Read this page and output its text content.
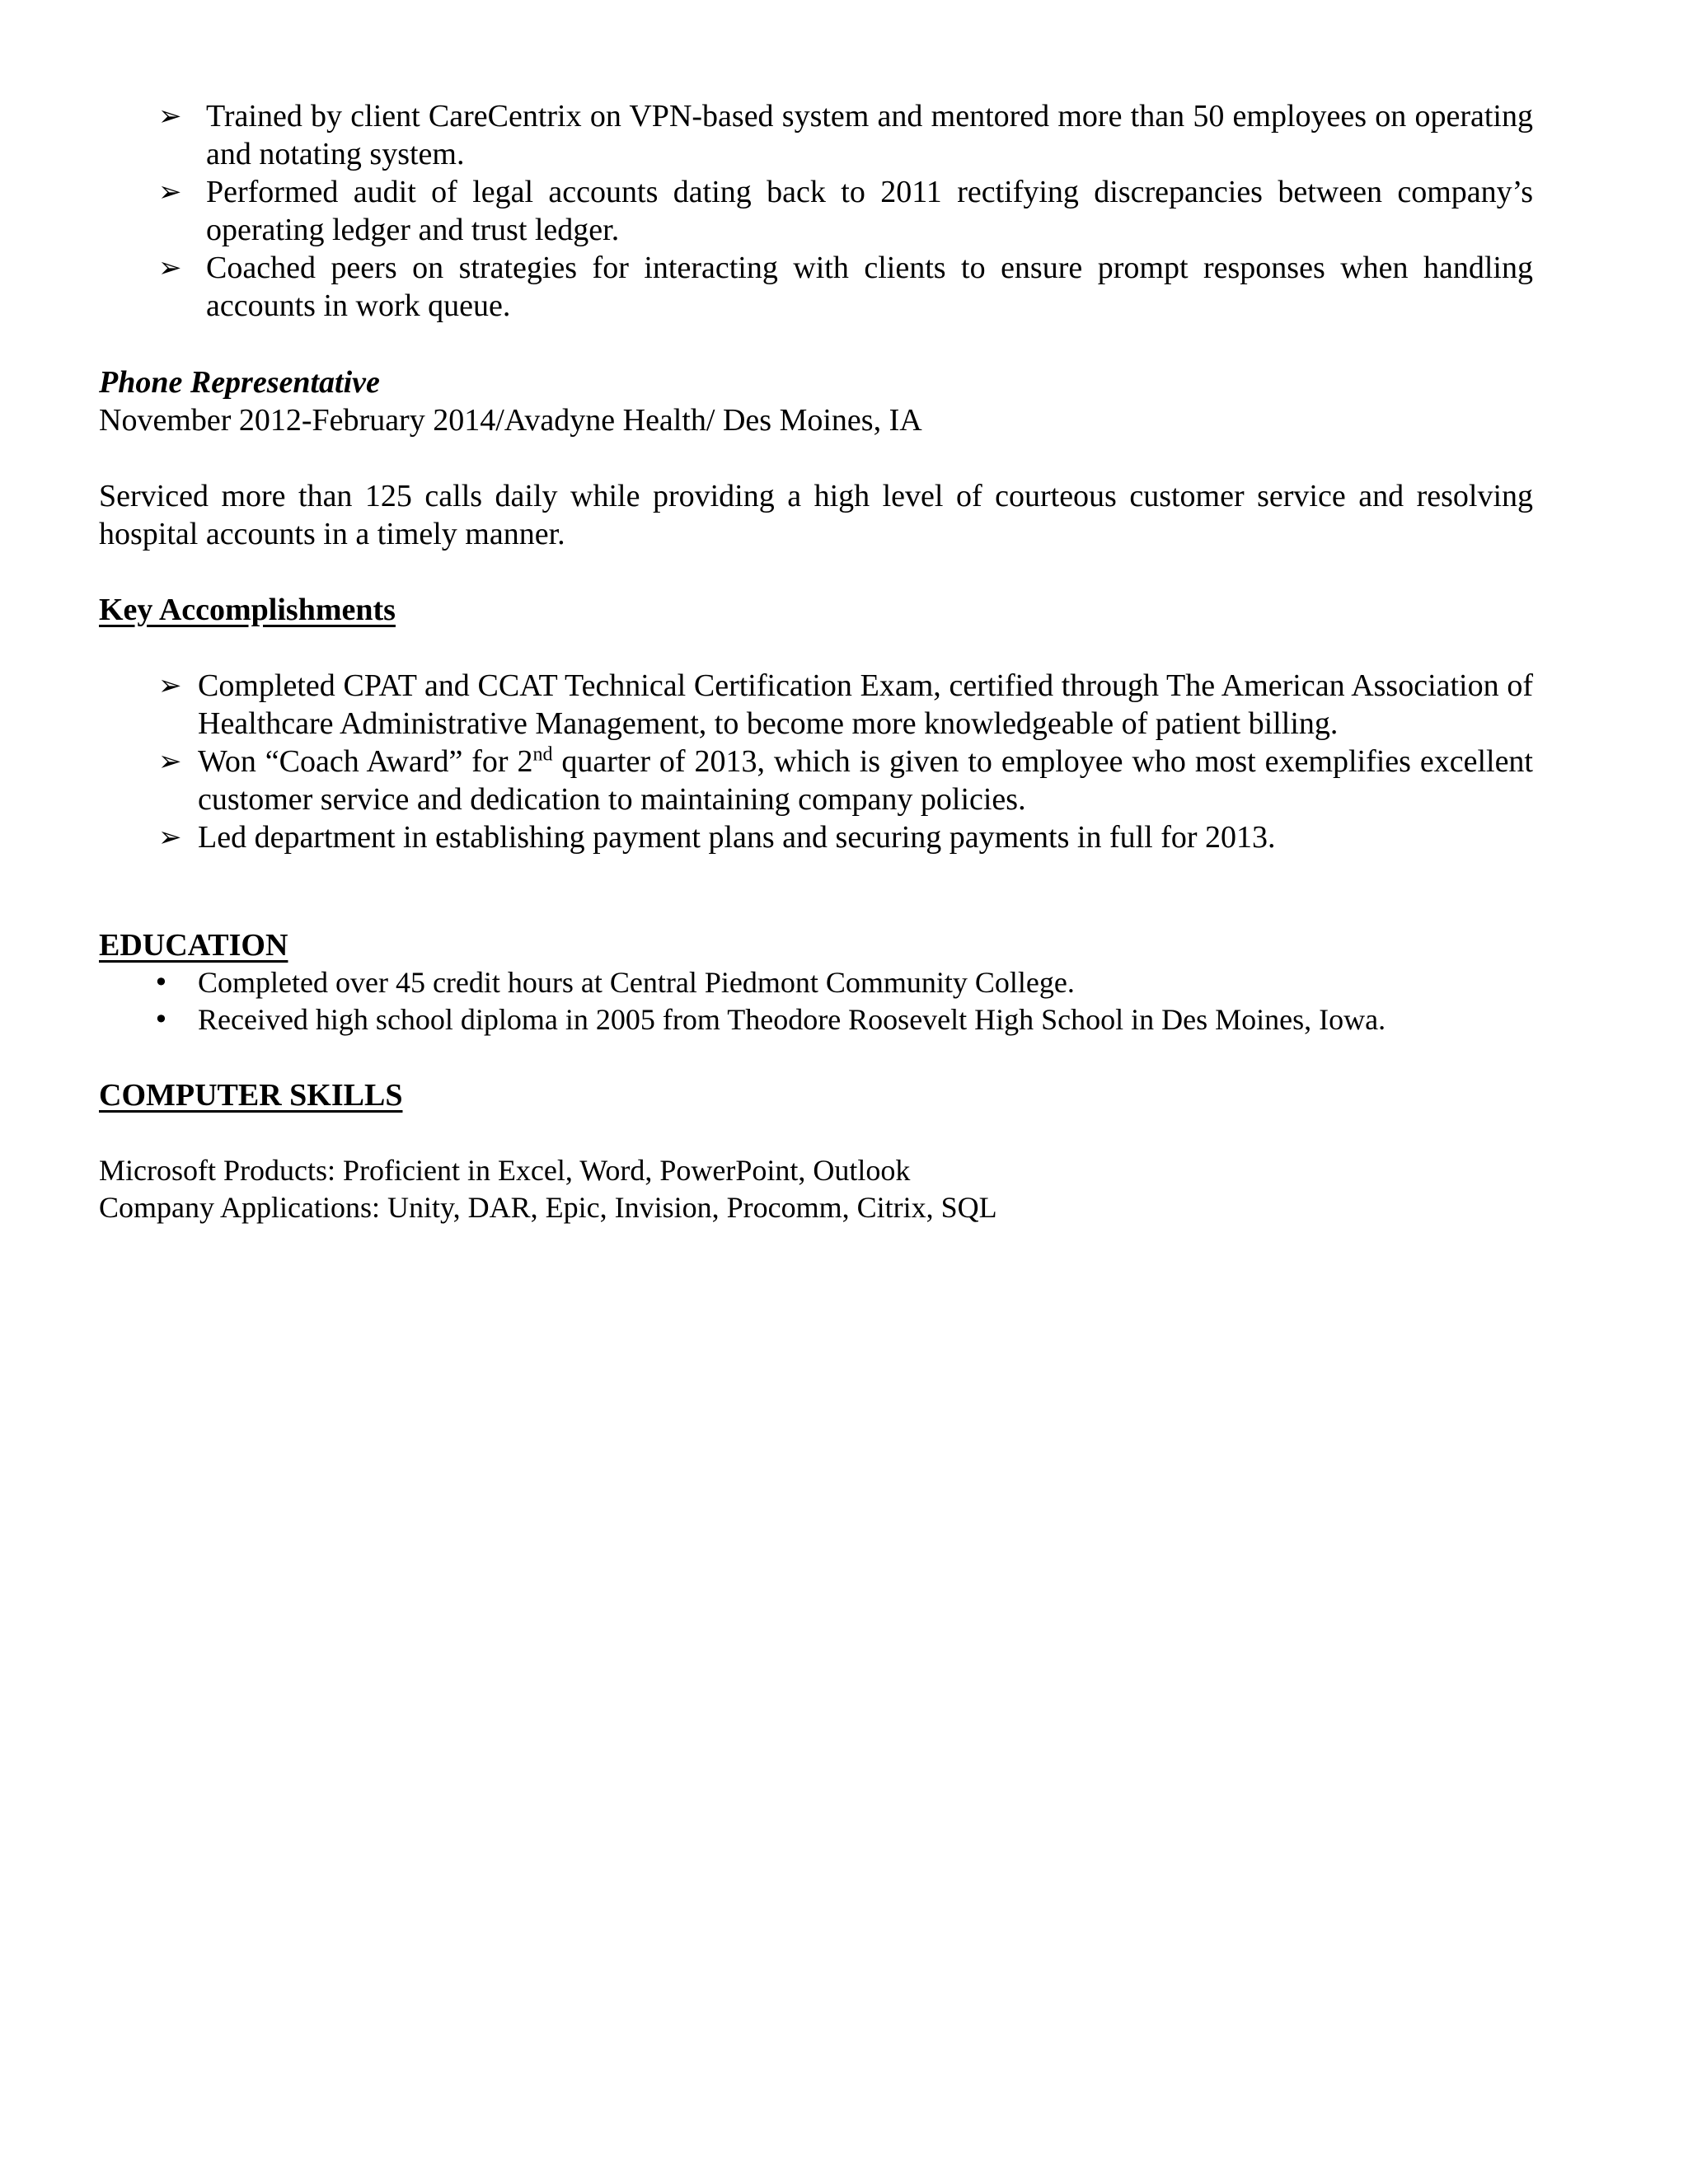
➢ Trained by client CareCentrix on VPN-based system and mentored more than 50 employees on operating and notating system.
➢ Performed audit of legal accounts dating back to 2011 rectifying discrepancies between company’s operating ledger and trust ledger.
➢ Coached peers on strategies for interacting with clients to ensure prompt responses when handling accounts in work queue.
Phone Representative
November 2012-February 2014/Avadyne Health/ Des Moines, IA
Serviced more than 125 calls daily while providing a high level of courteous customer service and resolving hospital accounts in a timely manner.
Key Accomplishments
➢ Completed CPAT and CCAT Technical Certification Exam, certified through The American Association of Healthcare Administrative Management, to become more knowledgeable of patient billing.
➢ Won “Coach Award” for 2nd quarter of 2013, which is given to employee who most exemplifies excellent customer service and dedication to maintaining company policies.
➢ Led department in establishing payment plans and securing payments in full for 2013.
EDUCATION
• Completed over 45 credit hours at Central Piedmont Community College.
• Received high school diploma in 2005 from Theodore Roosevelt High School in Des Moines, Iowa.
COMPUTER SKILLS
Microsoft Products: Proficient in Excel, Word, PowerPoint, Outlook
Company Applications: Unity, DAR, Epic, Invision, Procomm, Citrix, SQL
